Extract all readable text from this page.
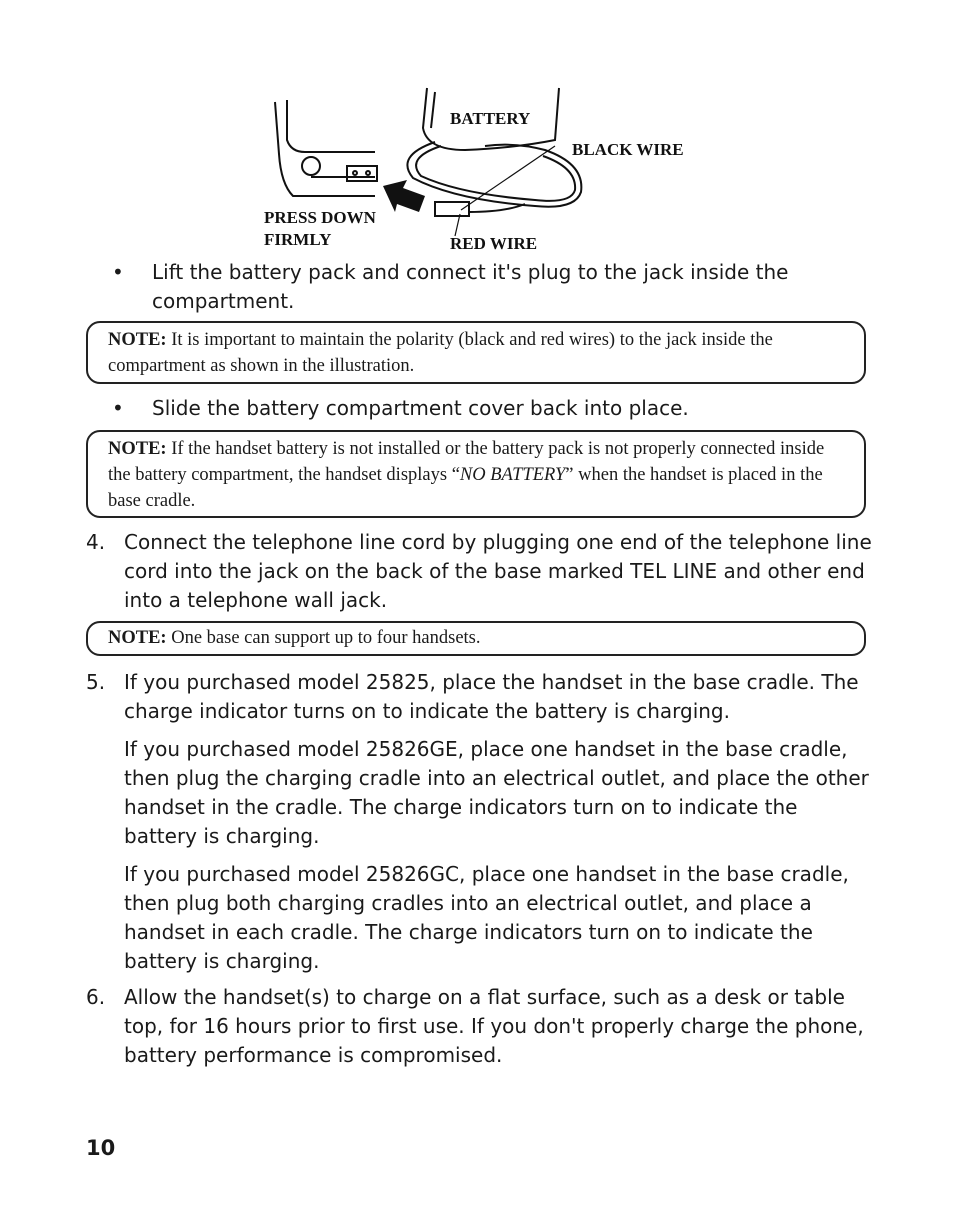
BATTERY
BLACK WIRE
PRESS DOWN
FIRMLY	RED WIRE
• Lift the battery pack and connect it's plug to the jack inside the compartment.
NOTE: It is important to maintain the polarity (black and red wires) to the jack inside the compartment as shown in the illustration.
• Slide the battery compartment cover back into place.
NOTE: If the handset battery is not installed or the battery pack is not properly connected inside the battery compartment, the handset displays “NO BATTERY” when the handset is placed in the base cradle.
4. Connect the telephone line cord by plugging one end of the telephone line cord into the jack on the back of the base marked TEL LINE and other end into a telephone wall jack.

NOTE: One base can support up to four handsets.
5. If you purchased model 25825, place the handset in the base cradle. The charge indicator turns on to indicate the battery is charging.

If you purchased model 25826GE, place one handset in the base cradle, then plug the charging cradle into an electrical outlet, and place the other handset in the cradle. The charge indicators turn on to indicate the battery is charging.

If you purchased model 25826GC, place one handset in the base cradle, then plug both charging cradles into an electrical outlet, and place a handset in each cradle. The charge indicators turn on to indicate the battery is charging.

6. Allow the handset(s) to charge on a flat surface, such as a desk or table top, for 16 hours prior to first use. If you don't properly charge the phone, battery performance is compromised.

10
